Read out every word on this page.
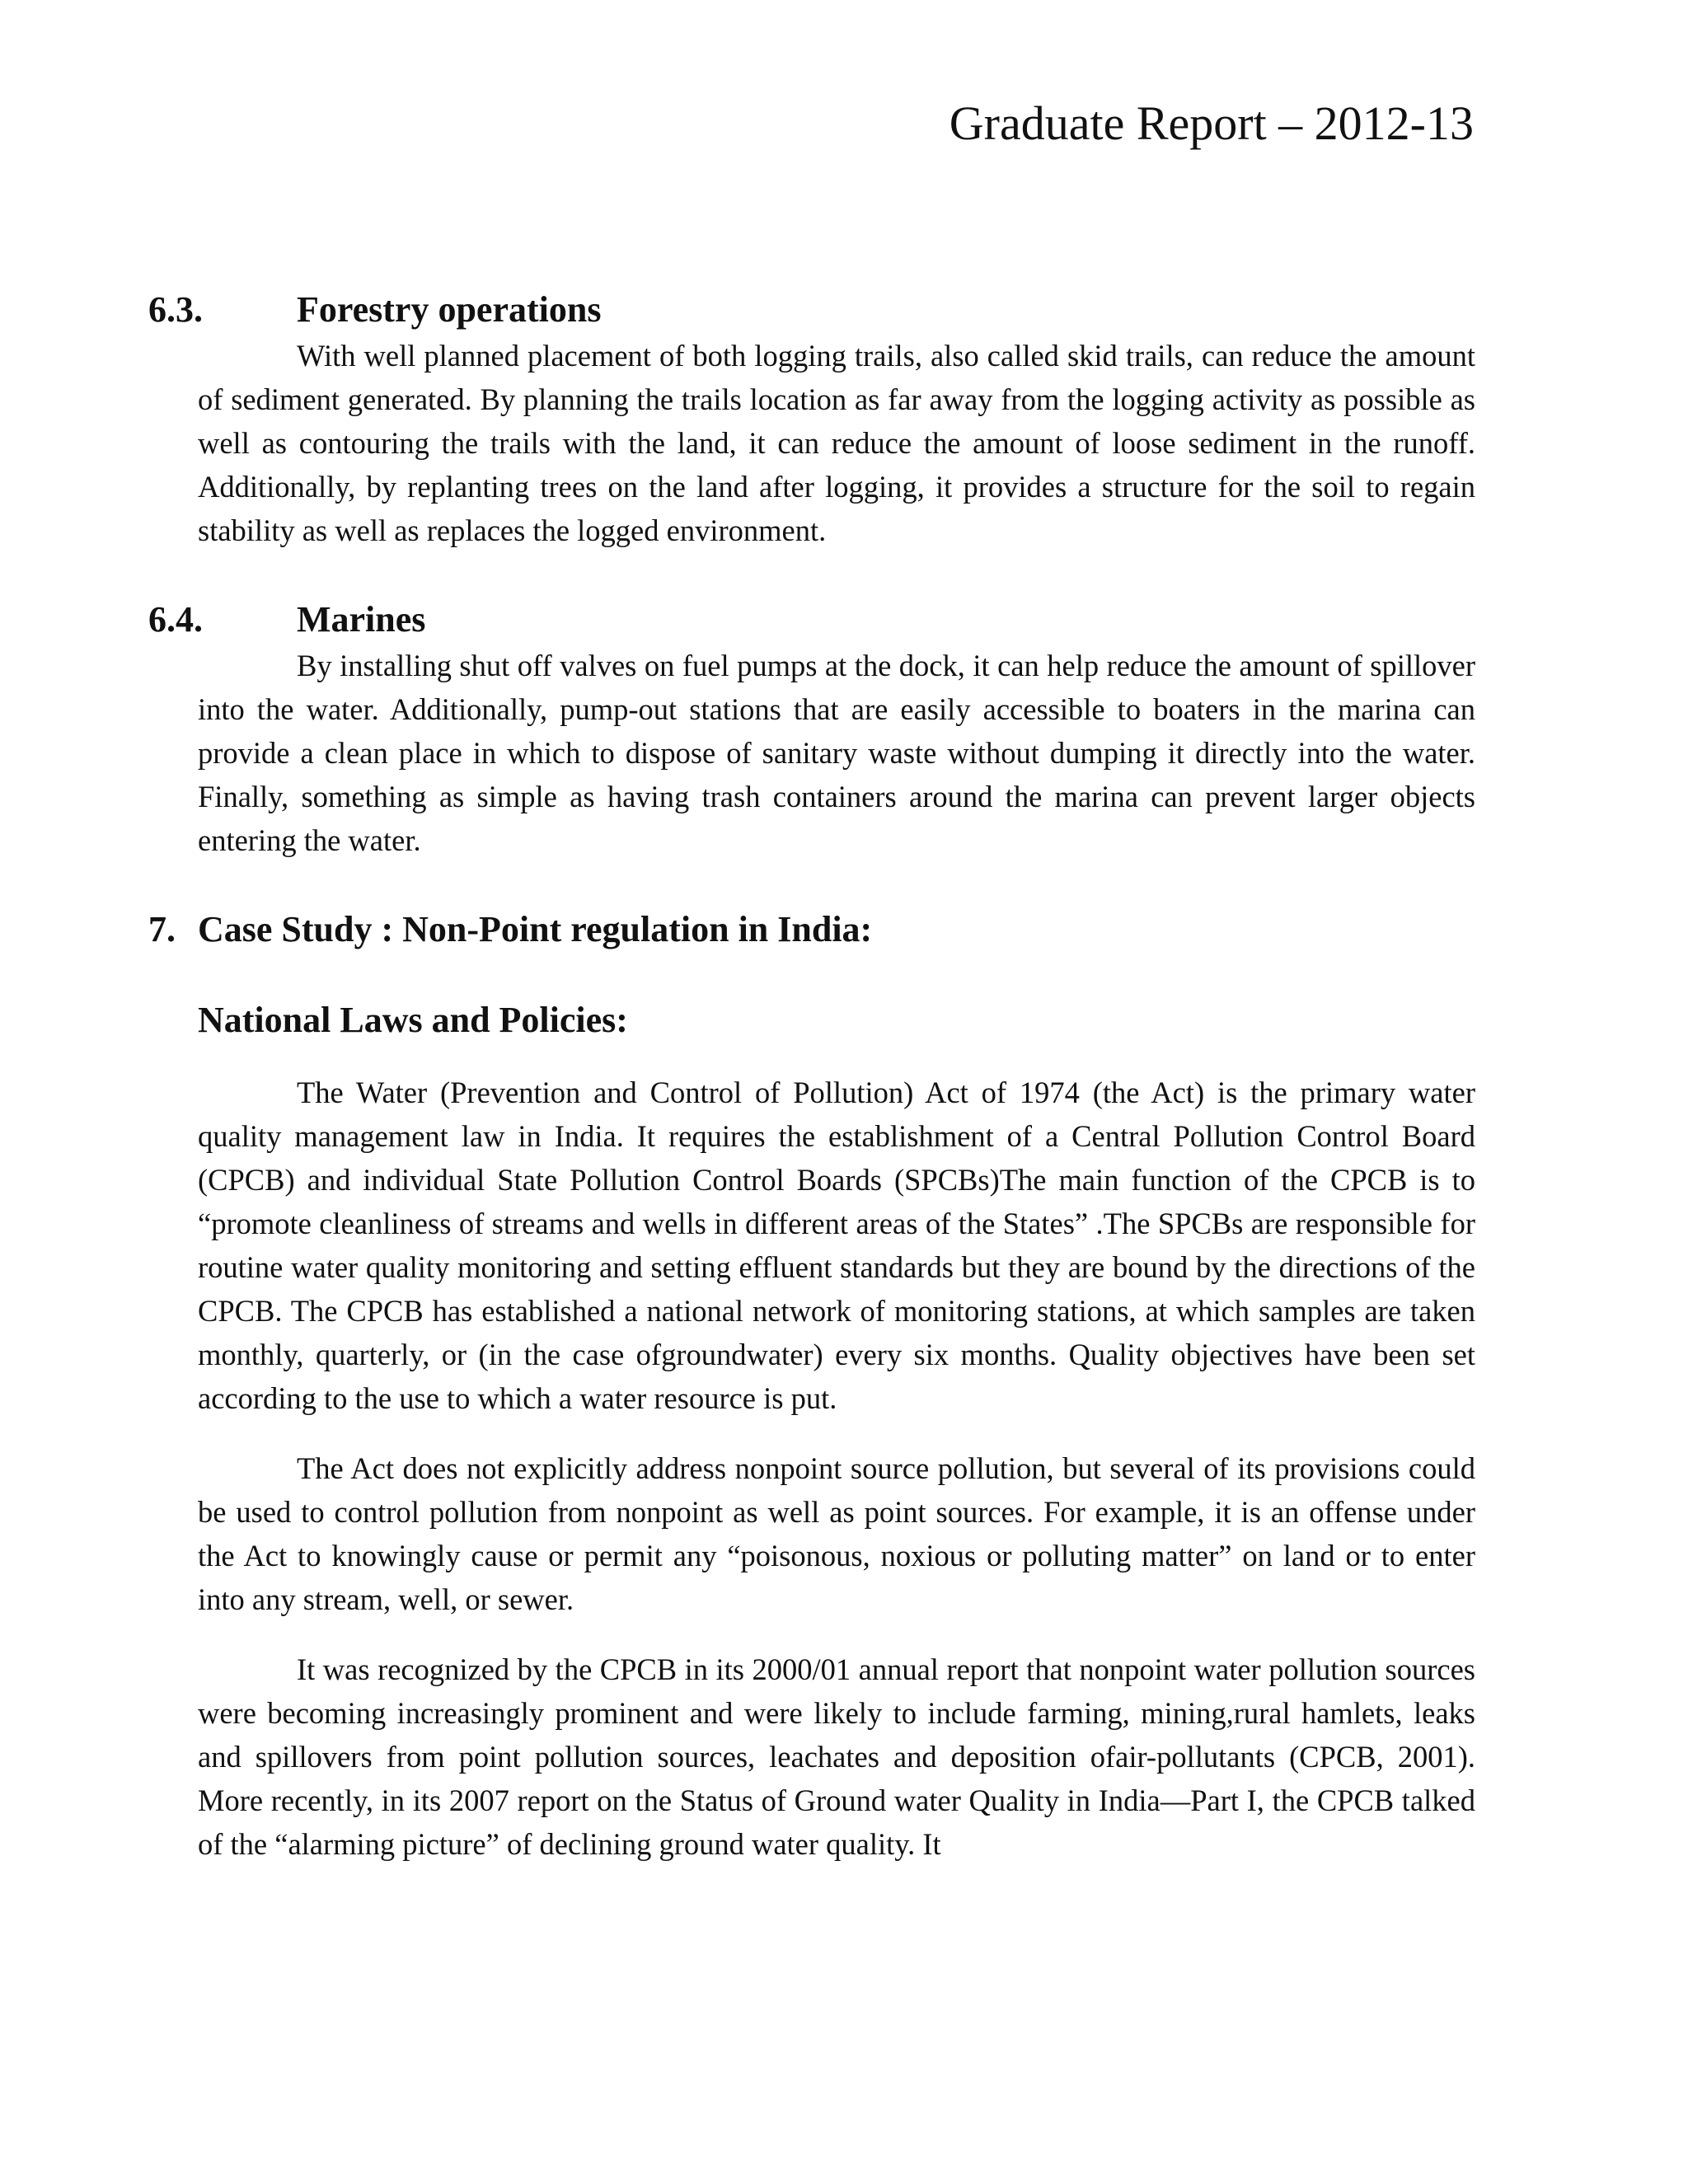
Graduate Report – 2012-13
6.3.	Forestry operations

With well planned placement of both logging trails, also called skid trails, can reduce the amount of sediment generated. By planning the trails location as far away from the logging activity as possible as well as contouring the trails with the land, it can reduce the amount of loose sediment in the runoff. Additionally, by replanting trees on the land after logging, it provides a structure for the soil to regain stability as well as replaces the logged environment.

6.4.	Marines

By installing shut off valves on fuel pumps at the dock, it can help reduce the amount of spillover into the water. Additionally, pump-out stations that are easily accessible to boaters in the marina can provide a clean place in which to dispose of sanitary waste without dumping it directly into the water. Finally, something as simple as having trash containers around the marina can prevent larger objects entering the water.

7. Case Study : Non-Point regulation in India:
National Laws and Policies:

The Water (Prevention and Control of Pollution) Act of 1974 (the Act) is the primary water quality management law in India. It requires the establishment of a Central Pollution Control Board (CPCB) and individual State Pollution Control Boards (SPCBs)The main function of the CPCB is to “promote cleanliness of streams and wells in different areas of the States” .The SPCBs are responsible for routine water quality monitoring and setting effluent standards but they are bound by the directions of the CPCB. The CPCB has established a national network of monitoring stations, at which samples are taken monthly, quarterly, or (in the case ofgroundwater) every six months. Quality objectives have been set according to the use to which a water resource is put.

The Act does not explicitly address nonpoint source pollution, but several of its provisions could be used to control pollution from nonpoint as well as point sources. For example, it is an offense under the Act to knowingly cause or permit any “poisonous, noxious or polluting matter” on land or to enter into any stream, well, or sewer.

It was recognized by the CPCB in its 2000/01 annual report that nonpoint water pollution sources were becoming increasingly prominent and were likely to include farming, mining,rural hamlets, leaks and spillovers from point pollution sources, leachates and deposition ofair-pollutants (CPCB, 2001). More recently, in its 2007 report on the Status of Ground water Quality in India—Part I, the CPCB talked of the “alarming picture” of declining ground water quality. It
